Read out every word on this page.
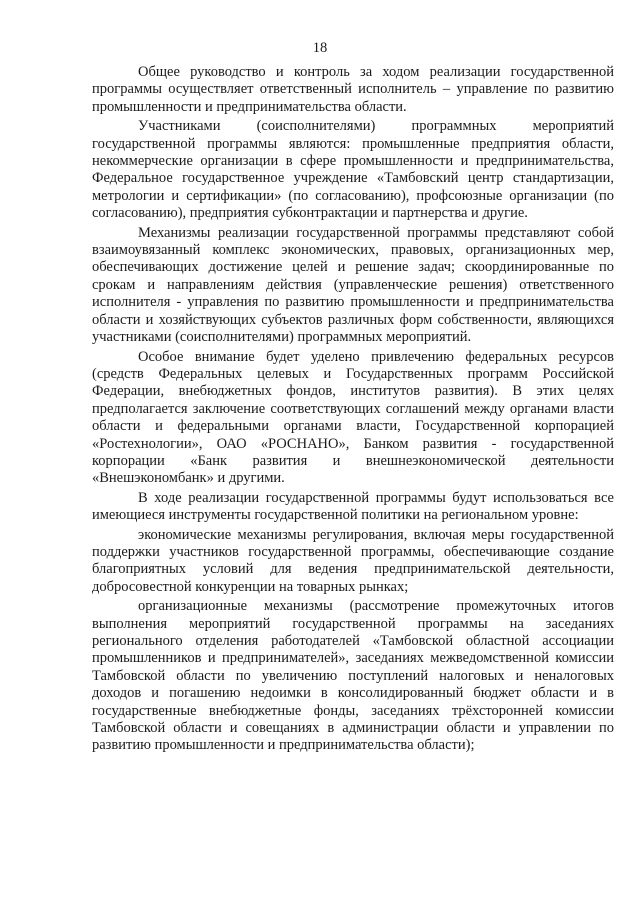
18

Общее руководство и контроль за ходом реализации государственной программы осуществляет ответственный исполнитель – управление по развитию промышленности и предпринимательства области.

Участниками (соисполнителями) программных мероприятий государственной программы являются: промышленные предприятия области, некоммерческие организации в сфере промышленности и предпринимательства, Федеральное государственное учреждение «Тамбовский центр стандартизации, метрологии и сертификации» (по согласованию), профсоюзные организации (по согласованию), предприятия субконтрактации и партнерства и другие.

Механизмы реализации государственной программы представляют собой взаимоувязанный комплекс экономических, правовых, организационных мер, обеспечивающих достижение целей и решение задач; скоординированные по срокам и направлениям действия (управленческие решения) ответственного исполнителя - управления по развитию промышленности и предпринимательства области и хозяйствующих субъектов различных форм собственности, являющихся участниками (соисполнителями) программных мероприятий.

Особое внимание будет уделено привлечению федеральных ресурсов (средств Федеральных целевых и Государственных программ Российской Федерации, внебюджетных фондов, институтов развития). В этих целях предполагается заключение соответствующих соглашений между органами власти области и федеральными органами власти, Государственной корпорацией «Ростехнологии», ОАО «РОСНАНО», Банком развития - государственной корпорации «Банк развития и внешнеэкономической деятельности «Внешэкономбанк» и другими.

В ходе реализации государственной программы будут использоваться все имеющиеся инструменты государственной политики на региональном уровне:

экономические механизмы регулирования, включая меры государственной поддержки участников государственной программы, обеспечивающие создание благоприятных условий для ведения предпринимательской деятельности, добросовестной конкуренции на товарных рынках;

организационные механизмы (рассмотрение промежуточных итогов выполнения мероприятий государственной программы на заседаниях регионального отделения работодателей «Тамбовской областной ассоциации промышленников и предпринимателей», заседаниях межведомственной комиссии Тамбовской области по увеличению поступлений налоговых и неналоговых доходов и погашению недоимки в консолидированный бюджет области и в государственные внебюджетные фонды, заседаниях трёхсторонней комиссии Тамбовской области и совещаниях в администрации области и управлении по развитию промышленности и предпринимательства области);
